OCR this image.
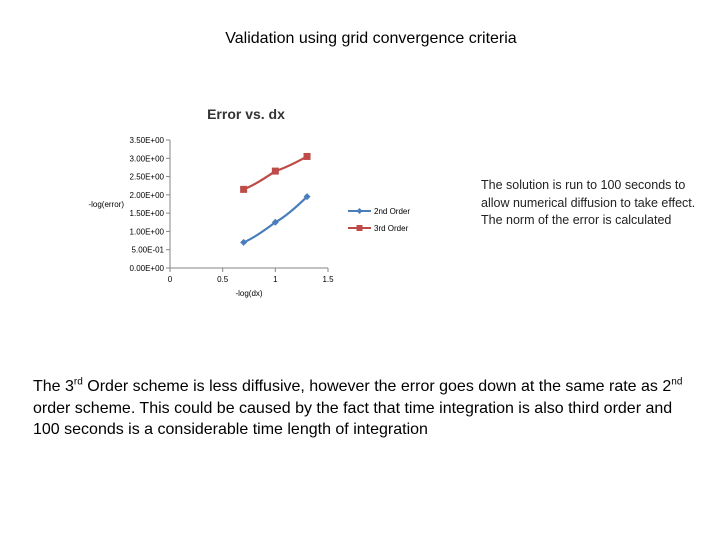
Validation using grid convergence criteria
Error vs. dx
0.00E+00
5.00E-01
1.00E+00
1.50E+00
2.00E+00
2.50E+00
3.00E+00
3.50E+00
0	0.5	1	1.5
-log(dx)
-log(error)
2nd Order
3rd Order
The solution is run to 100 seconds to allow numerical diffusion to take effect. The norm of the error is calculated
The 3rd Order scheme is less diffusive, however the error goes down at the same rate as 2nd order scheme. This could be caused by the fact that time integration is also third order and 100 seconds is a considerable time length of integration
